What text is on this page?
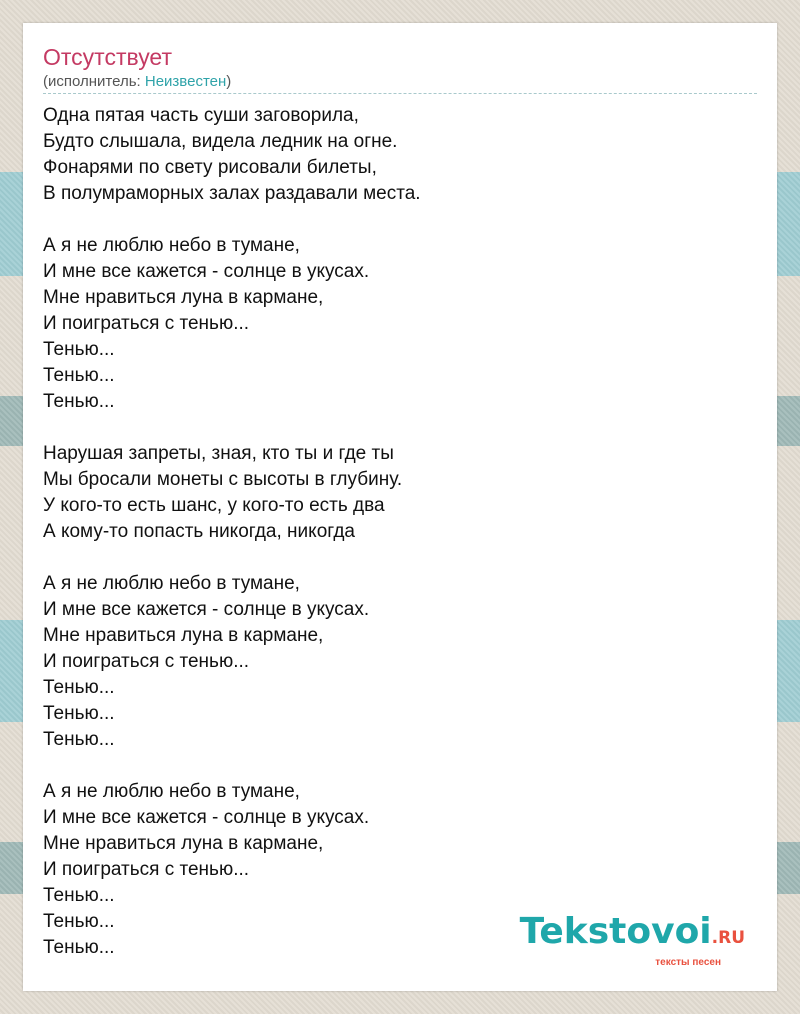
Отсутствует
(исполнитель: Неизвестен)
Одна пятая часть суши заговорила,
Будто слышала, видела ледник на огне.
Фонарями по свету рисовали билеты,
В полумраморных залах раздавали места.
А я не люблю небо в тумане,
И мне все кажется - солнце в укусах.
Мне нравиться луна в кармане,
И поиграться с тенью...
Тенью...
Тенью...
Тенью...
Нарушая запреты, зная, кто ты и где ты
Мы бросали монеты с высоты в глубину.
У кого-то есть шанс, у кого-то есть два
А кому-то попасть никогда, никогда
А я не люблю небо в тумане,
И мне все кажется - солнце в укусах.
Мне нравиться луна в кармане,
И поиграться с тенью...
Тенью...
Тенью...
Тенью...
А я не люблю небо в тумане,
И мне все кажется - солнце в укусах.
Мне нравиться луна в кармане,
И поиграться с тенью...
Тенью...
Тенью...
Тенью...	Tekstovoi.RU
тексты песен
